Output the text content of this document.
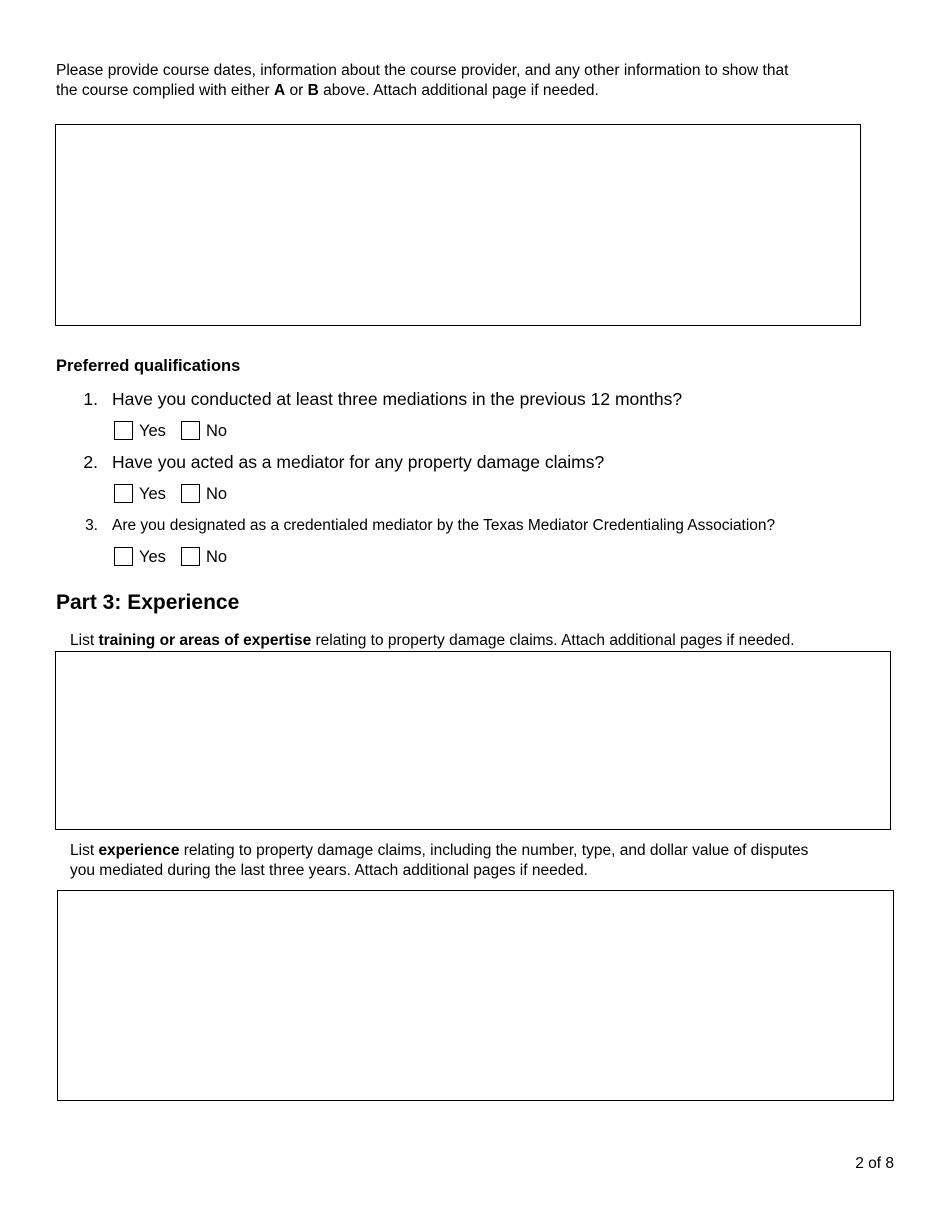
Please provide course dates, information about the course provider, and any other information to show that
the course complied with either A or B above. Attach additional page if needed.
Preferred qualifications
1. Have you conducted at least three mediations in the previous 12 months?
Yes No
2. Have you acted as a mediator for any property damage claims?
Yes No
3. Are you designated as a credentialed mediator by the Texas Mediator Credentialing Association?
Yes No
Part 3: Experience
List training or areas of expertise relating to property damage claims. Attach additional pages if needed.
List experience relating to property damage claims, including the number, type, and dollar value of disputes
you mediated during the last three years. Attach additional pages if needed.
2 of 8
